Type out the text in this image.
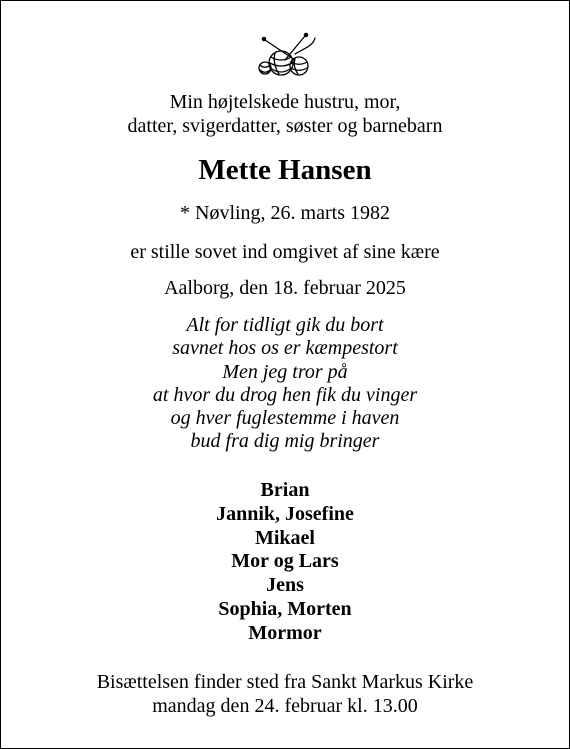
Min højtelskede hustru, mor,
datter, svigerdatter, søster og barnebarn
Mette Hansen
* Nøvling, 26. marts 1982
er stille sovet ind omgivet af sine kære
Aalborg, den 18. februar 2025
Alt for tidligt gik du bort
savnet hos os er kæmpestort
Men jeg tror på
at hvor du drog hen fik du vinger
og hver fuglestemme i haven
bud fra dig mig bringer
Brian
Jannik, Josefine
Mikael
Mor og Lars
Jens
Sophia, Morten
Mormor
Bisættelsen finder sted fra Sankt Markus Kirke
mandag den 24. februar kl. 13.00
